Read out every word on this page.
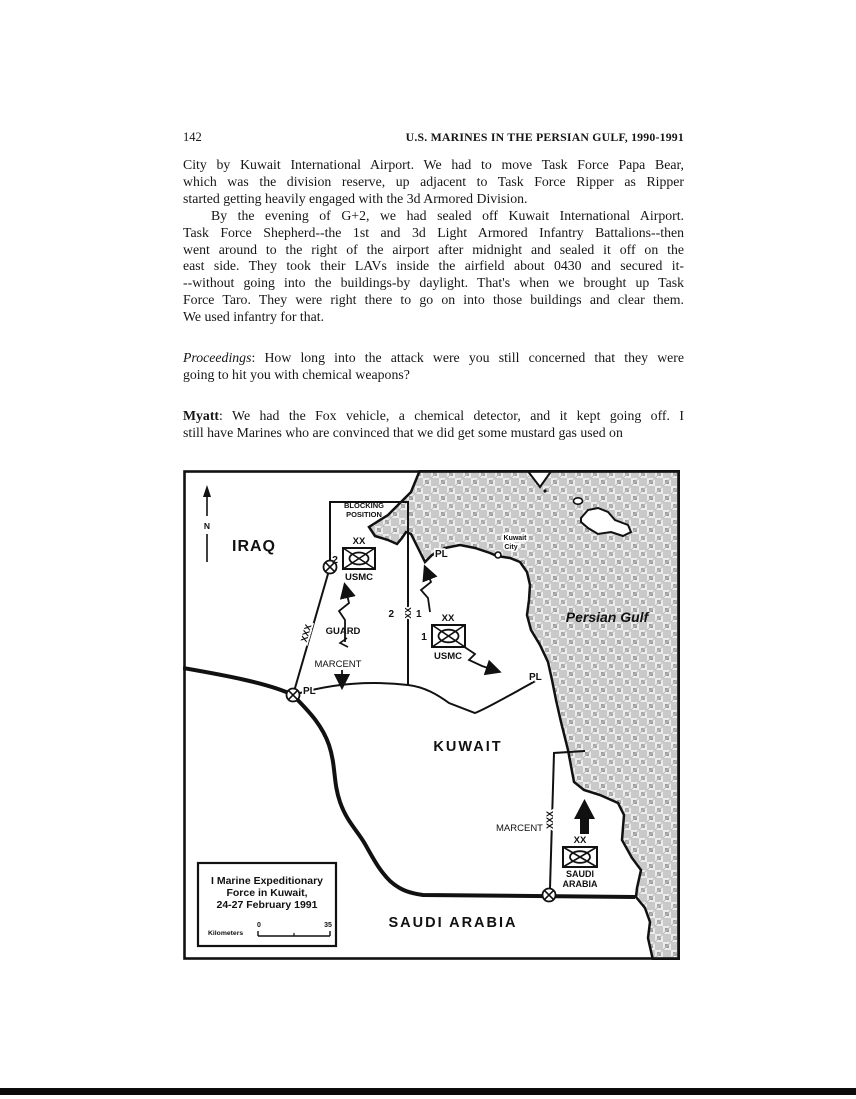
142	U.S. MARINES IN THE PERSIAN GULF, 1990-1991
City by Kuwait International Airport. We had to move Task Force Papa Bear,
which was the division reserve, up adjacent to Task Force Ripper as Ripper
started getting heavily engaged with the 3d Armored Division.
By the evening of G+2, we had sealed off Kuwait International Airport.
Task Force Shepherd--the 1st and 3d Light Armored Infantry Battalions--then
went around to the right of the airport after midnight and sealed it off on the
east side. They took their LAVs inside the airfield about 0430 and secured it-
--without going into the buildings-by daylight. That's when we brought up Task
Force Taro. They were right there to go on into those buildings and clear them.
We used infantry for that.
Proceedings: How long into the attack were you still concerned that they were
going to hit you with chemical weapons?
Myatt: We had the Fox vehicle, a chemical detector, and it kept going off. I
still have Marines who are convinced that we did get some mustard gas used on
XX
2
USMC
XX
1
USMC
XX
SAUDI
ARABIA
N
IRAQ
KUWAIT
SAUDI ARABIA
Persian Gulf
BLOCKING
POSITION
Kuwait
City
PL
PL
PL
GUARD
MARCENT
MARCENT
XXX
XXX
2 XX 1
I Marine Expeditionary
Force in Kuwait,
24-27 February 1991
Kilometers
0	35
